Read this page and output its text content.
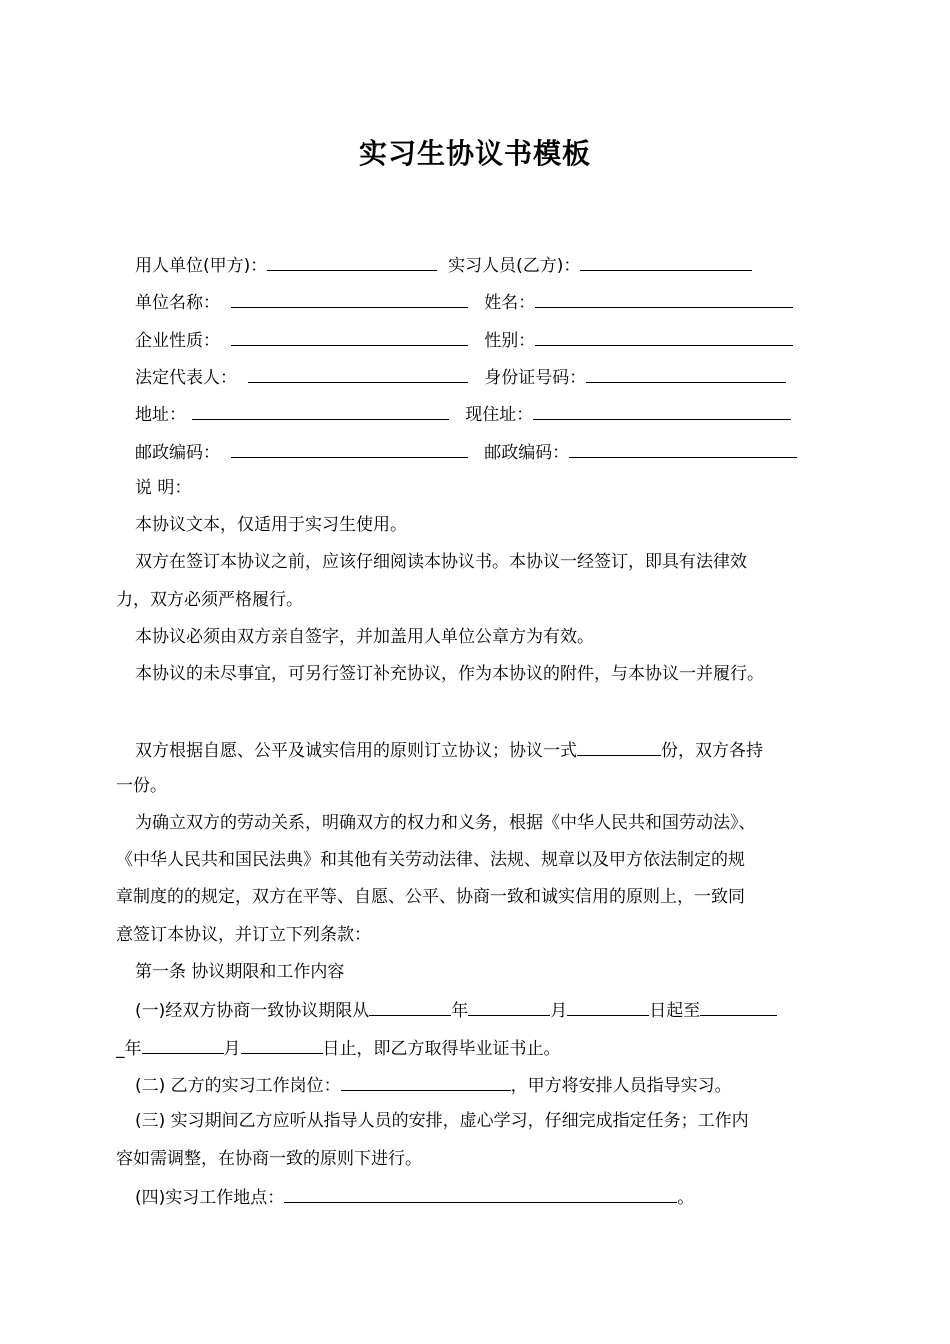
实习生协议书模板
用人单位(甲方)：	实习人员(乙方)：
单位名称：	姓名：
企业性质：	性别：
法定代表人：	身份证号码：
地址：	现住址：
邮政编码：	邮政编码：
说 明：
本协议文本，仅适用于实习生使用。
双方在签订本协议之前，应该仔细阅读本协议书。本协议一经签订，即具有法律效
力，双方必须严格履行。
本协议必须由双方亲自签字，并加盖用人单位公章方为有效。
本协议的未尽事宜，可另行签订补充协议，作为本协议的附件，与本协议一并履行。
双方根据自愿、公平及诚实信用的原则订立协议；协议一式	份，双方各持
一份。
为确立双方的劳动关系，明确双方的权力和义务，根据《中华人民共和国劳动法》、
《中华人民共和国民法典》和其他有关劳动法律、法规、规章以及甲方依法制定的规
章制度的的规定，双方在平等、自愿、公平、协商一致和诚实信用的原则上，一致同
意签订本协议，并订立下列条款：
第一条 协议期限和工作内容
(一)经双方协商一致协议期限从	年	月	日起至
_年	月	日止，即乙方取得毕业证书止。
(二) 乙方的实习工作岗位：	，甲方将安排人员指导实习。
(三) 实习期间乙方应听从指导人员的安排，虚心学习，仔细完成指定任务；工作内
容如需调整，在协商一致的原则下进行。
(四)实习工作地点：	。
